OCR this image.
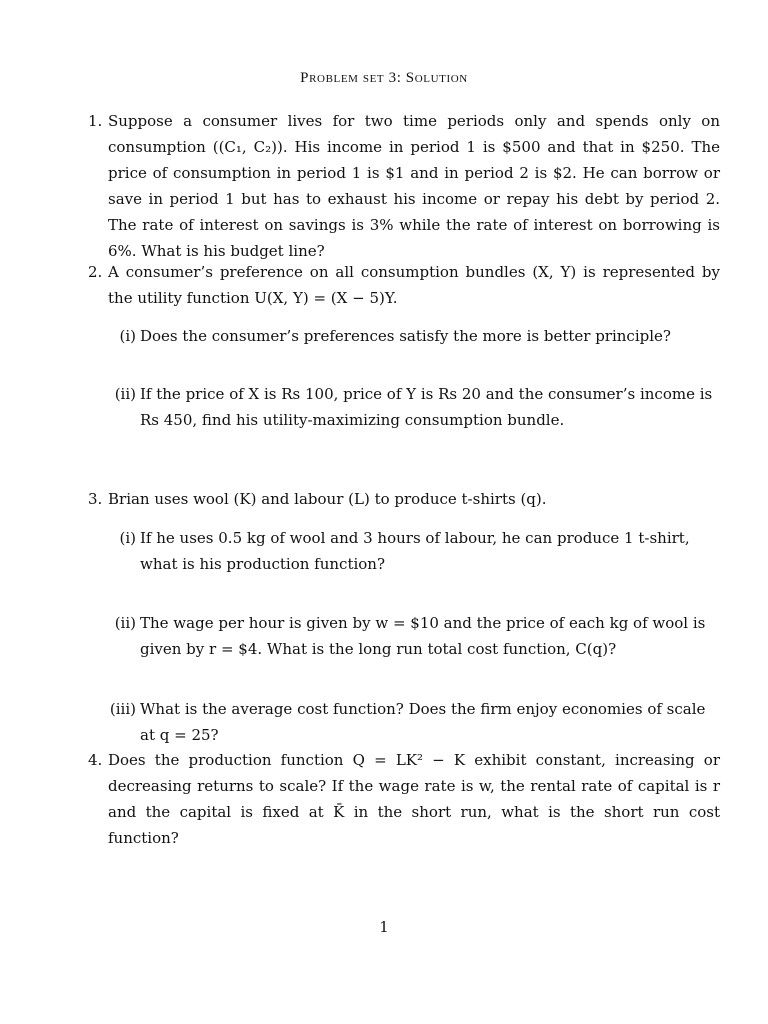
Problem set 3: Solution
1. Suppose a consumer lives for two time periods only and spends only on consumption ((C₁, C₂)). His income in period 1 is $500 and that in $250. The price of consumption in period 1 is $1 and in period 2 is $2. He can borrow or save in period 1 but has to exhaust his income or repay his debt by period 2. The rate of interest on savings is 3% while the rate of interest on borrowing is 6%. What is his budget line?
2. A consumer’s preference on all consumption bundles (X, Y) is represented by the utility function U(X, Y) = (X − 5)Y.
(i) Does the consumer’s preferences satisfy the more is better principle?
(ii) If the price of X is Rs 100, price of Y is Rs 20 and the consumer’s income is Rs 450, find his utility-maximizing consumption bundle.
3. Brian uses wool (K) and labour (L) to produce t-shirts (q).
(i) If he uses 0.5 kg of wool and 3 hours of labour, he can produce 1 t-shirt, what is his production function?
(ii) The wage per hour is given by w = $10 and the price of each kg of wool is given by r = $4. What is the long run total cost function, C(q)?
(iii) What is the average cost function? Does the firm enjoy economies of scale at q = 25?
4. Does the production function Q = LK² − K exhibit constant, increasing or decreasing returns to scale? If the wage rate is w, the rental rate of capital is r and the capital is fixed at K̄ in the short run, what is the short run cost function?
1
